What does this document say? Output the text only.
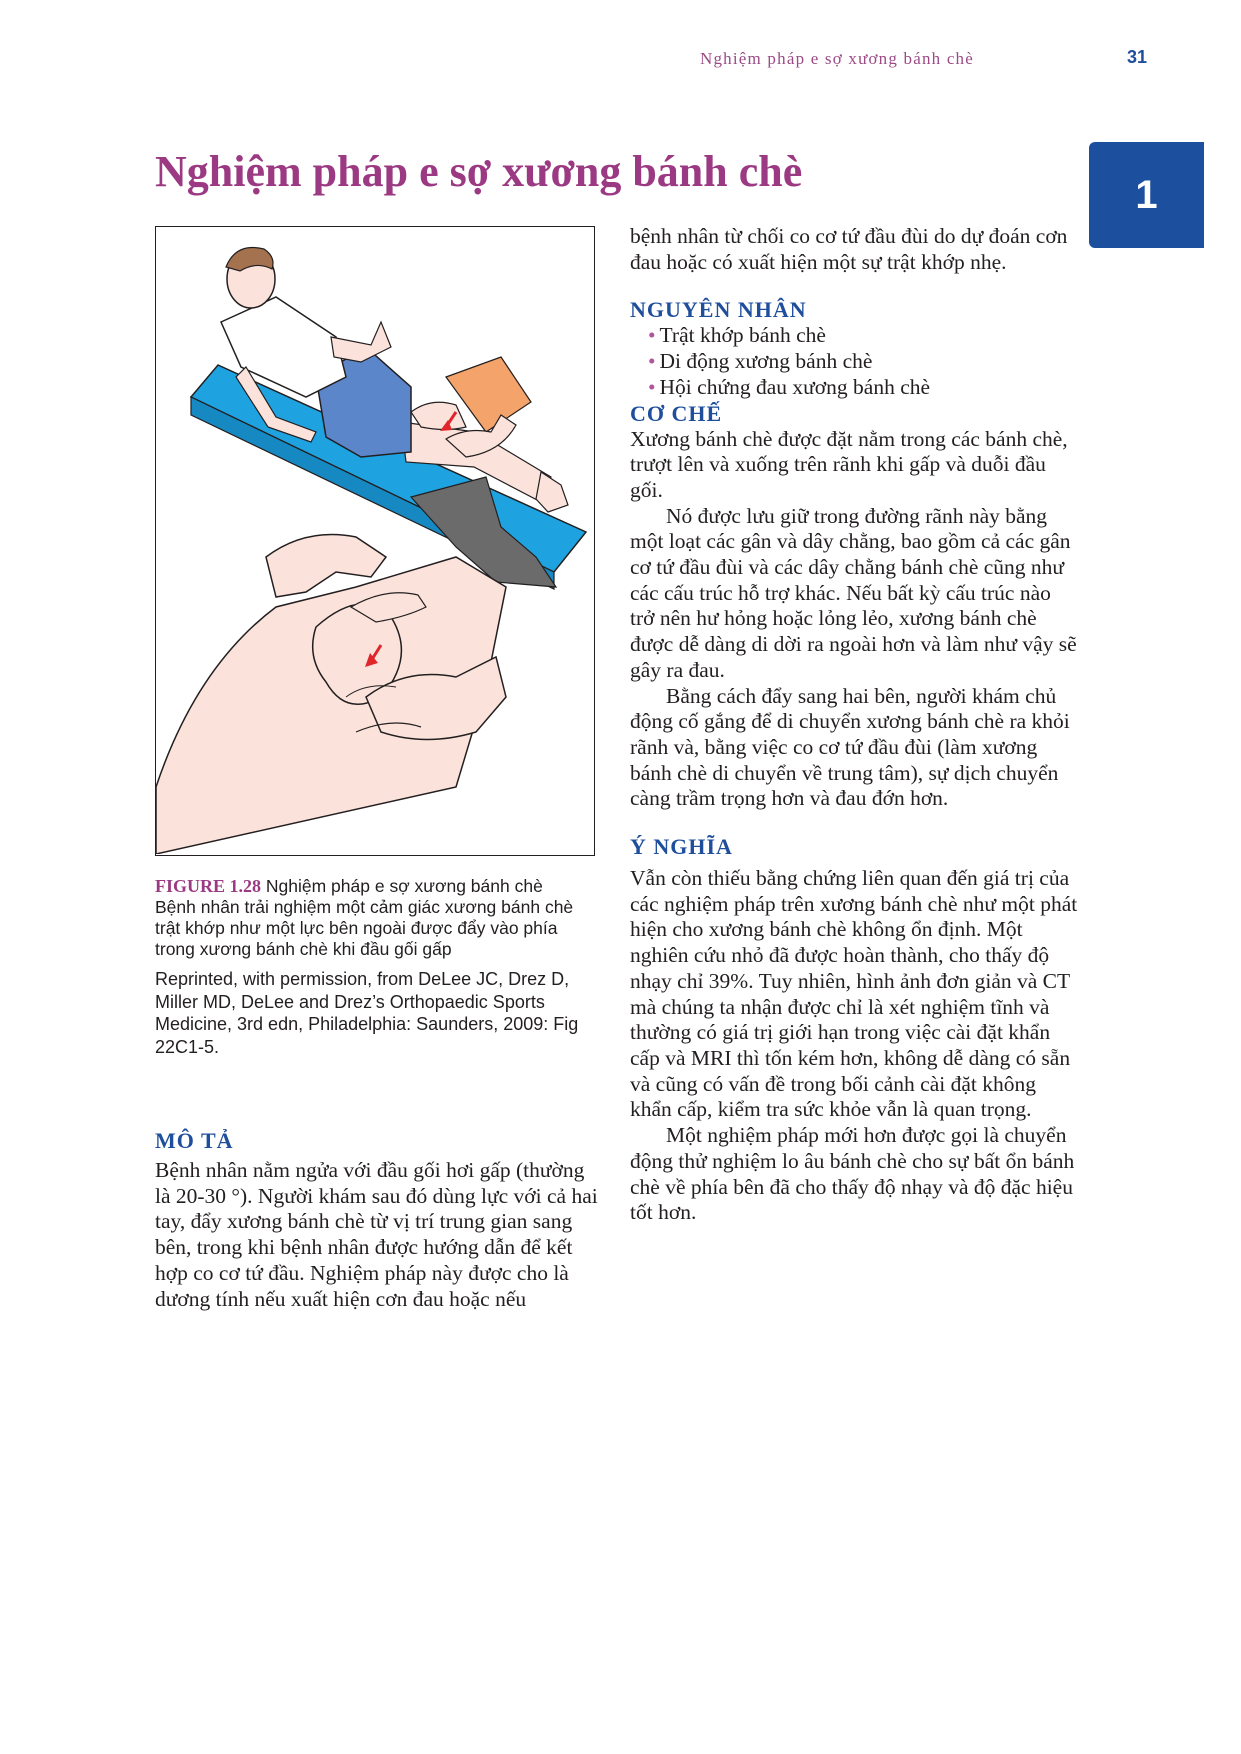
Nghiệm pháp e sợ xương bánh chè	31
1
Nghiệm pháp e sợ xương bánh chè

FIGURE 1.28 Nghiệm pháp e sợ xương bánh chè

Bệnh nhân trải nghiệm một cảm giác xương bánh chè trật khớp như một lực bên ngoài được đẩy vào phía trong xương bánh chè khi đầu gối gấp

Reprinted, with permission, from DeLee JC, Drez D, Miller MD, DeLee and Drez’s Orthopaedic Sports Medicine, 3rd edn, Philadelphia: Saunders, 2009: Fig 22C1-5.

MÔ TẢ

Bệnh nhân nằm ngửa với đầu gối hơi gấp (thường là 20-30 °). Người khám sau đó dùng lực với cả hai tay, đẩy xương bánh chè từ vị trí trung gian sang bên, trong khi bệnh nhân được hướng dẫn để kết hợp co cơ tứ đầu. Nghiệm pháp này được cho là dương tính nếu xuất hiện cơn đau hoặc nếu

bệnh nhân từ chối co cơ tứ đầu đùi do dự đoán cơn đau hoặc có xuất hiện một sự trật khớp nhẹ.

NGUYÊN NHÂN
• Trật khớp bánh chè
• Di động xương bánh chè
• Hội chứng đau xương bánh chè
CƠ CHẾ

Xương bánh chè được đặt nằm trong các bánh chè, trượt lên và xuống trên rãnh khi gấp và duỗi đầu gối.

Nó được lưu giữ trong đường rãnh này bằng một loạt các gân và dây chằng, bao gồm cả các gân cơ tứ đầu đùi và các dây chằng bánh chè cũng như các cấu trúc hỗ trợ khác. Nếu bất kỳ cấu trúc nào trở nên hư hỏng hoặc lỏng lẻo, xương bánh chè được dễ dàng di dời ra ngoài hơn và làm như vậy sẽ gây ra đau.

Bằng cách đẩy sang hai bên, người khám chủ động cố gắng để di chuyển xương bánh chè ra khỏi rãnh và, bằng việc co cơ tứ đầu đùi (làm xương bánh chè di chuyển về trung tâm), sự dịch chuyển càng trầm trọng hơn và đau đớn hơn.

Ý NGHĨA

Vẫn còn thiếu bằng chứng liên quan đến giá trị của các nghiệm pháp trên xương bánh chè như một phát hiện cho xương bánh chè không ổn định. Một nghiên cứu nhỏ đã được hoàn thành, cho thấy độ nhạy chỉ 39%. Tuy nhiên, hình ảnh đơn giản và CT mà chúng ta nhận được chỉ là xét nghiệm tĩnh và thường có giá trị giới hạn trong việc cài đặt khẩn cấp và MRI thì tốn kém hơn, không dễ dàng có sẵn và cũng có vấn đề trong bối cảnh cài đặt không khẩn cấp, kiểm tra sức khỏe vẫn là quan trọng.

Một nghiệm pháp mới hơn được gọi là chuyển động thử nghiệm lo âu bánh chè cho sự bất ổn bánh chè về phía bên đã cho thấy độ nhạy và độ đặc hiệu tốt hơn.
